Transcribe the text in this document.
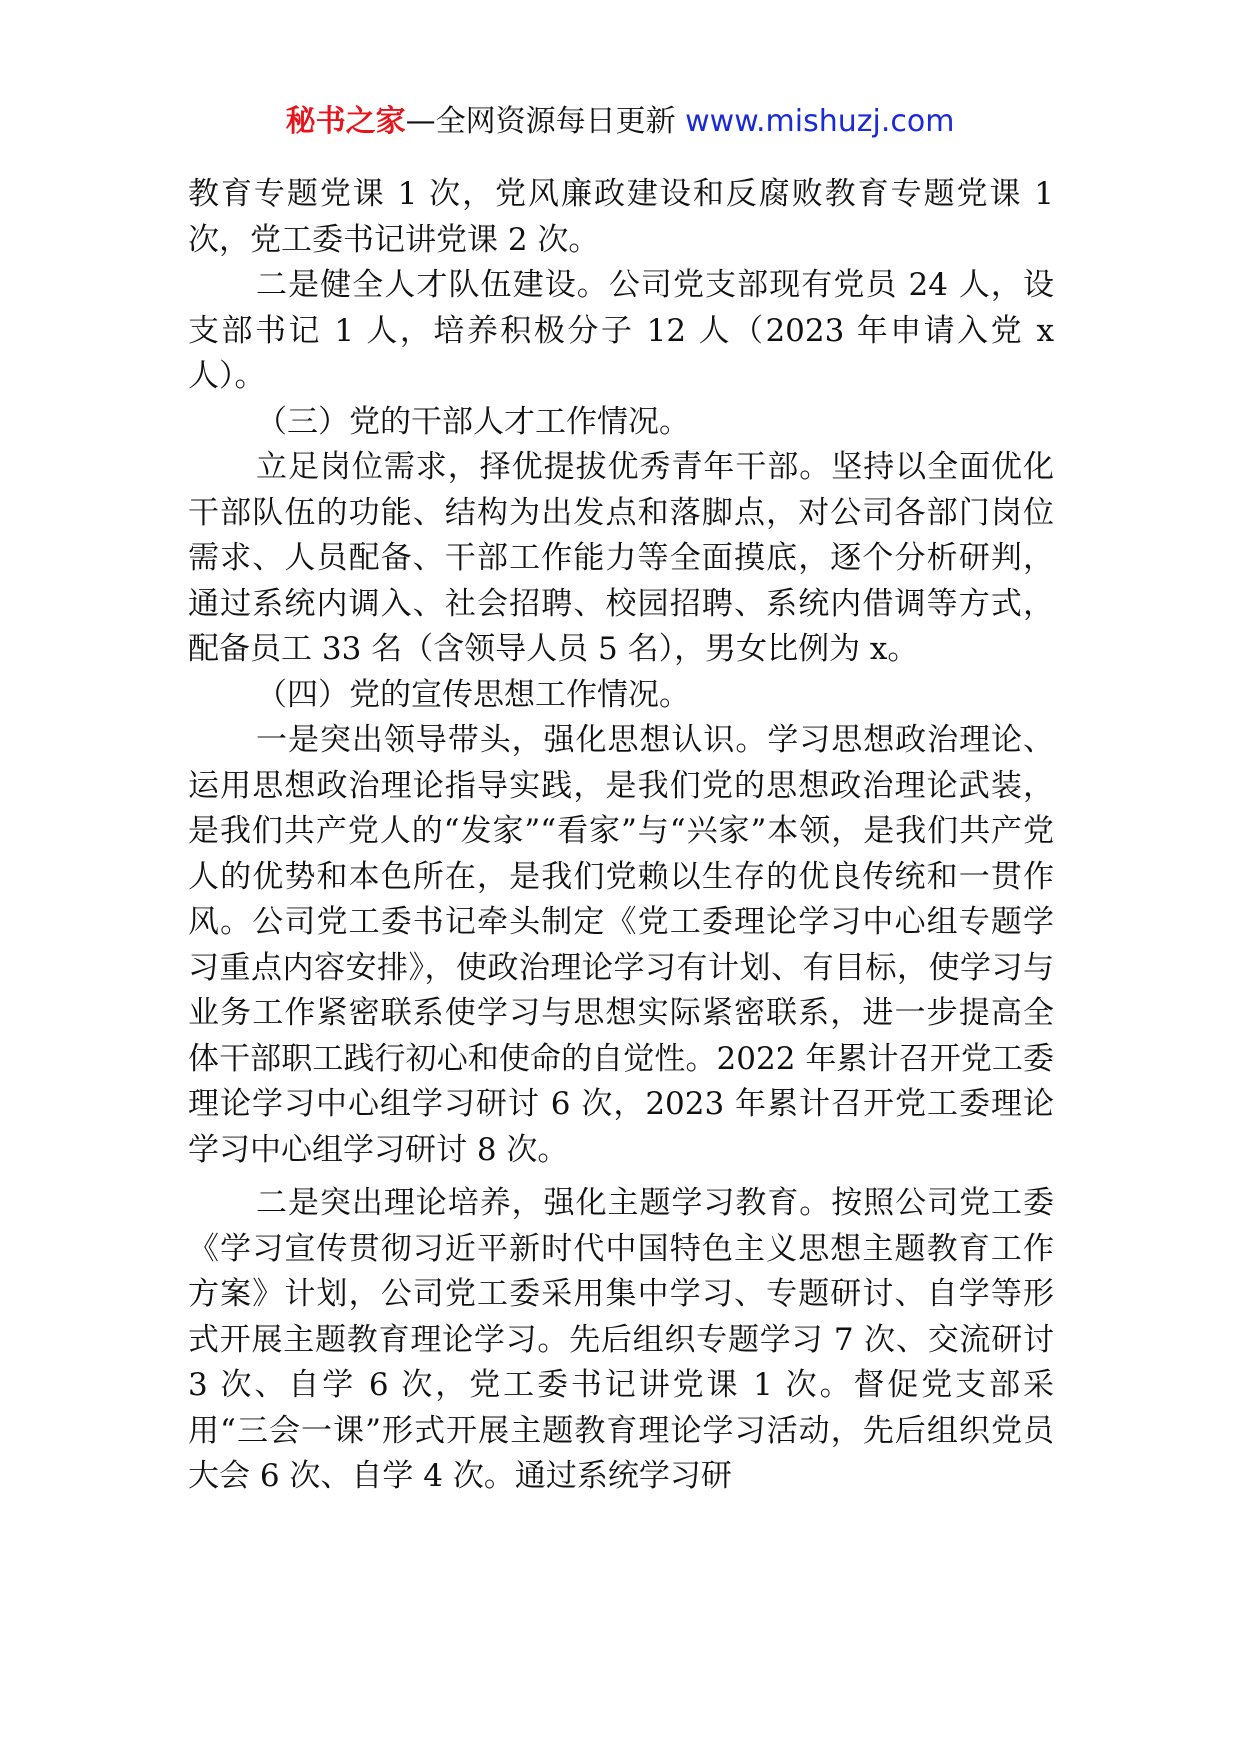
秘书之家—全网资源每日更新 www.mishuzj.com

教育专题党课 1 次，党风廉政建设和反腐败教育专题党课 1 次，党工委书记讲党课 2 次。

二是健全人才队伍建设。公司党支部现有党员 24 人，设支部书记 1 人，培养积极分子 12 人（2023 年申请入党 x 人）。

（三）党的干部人才工作情况。

立足岗位需求，择优提拔优秀青年干部。坚持以全面优化干部队伍的功能、结构为出发点和落脚点，对公司各部门岗位需求、人员配备、干部工作能力等全面摸底，逐个分析研判，通过系统内调入、社会招聘、校园招聘、系统内借调等方式，配备员工 33 名（含领导人员 5 名），男女比例为 x。

（四）党的宣传思想工作情况。

一是突出领导带头，强化思想认识。学习思想政治理论、运用思想政治理论指导实践，是我们党的思想政治理论武装，是我们共产党人的“发家”“看家”与“兴家”本领，是我们共产党人的优势和本色所在，是我们党赖以生存的优良传统和一贯作风。公司党工委书记牵头制定《党工委理论学习中心组专题学习重点内容安排》，使政治理论学习有计划、有目标，使学习与业务工作紧密联系使学习与思想实际紧密联系，进一步提高全体干部职工践行初心和使命的自觉性。2022 年累计召开党工委理论学习中心组学习研讨 6 次，2023 年累计召开党工委理论学习中心组学习研讨 8 次。

二是突出理论培养，强化主题学习教育。按照公司党工委《学习宣传贯彻习近平新时代中国特色主义思想主题教育工作方案》计划，公司党工委采用集中学习、专题研讨、自学等形式开展主题教育理论学习。先后组织专题学习 7 次、交流研讨 3 次、自学 6 次，党工委书记讲党课 1 次。督促党支部采用“三会一课”形式开展主题教育理论学习活动，先后组织党员大会 6 次、自学 4 次。通过系统学习研
